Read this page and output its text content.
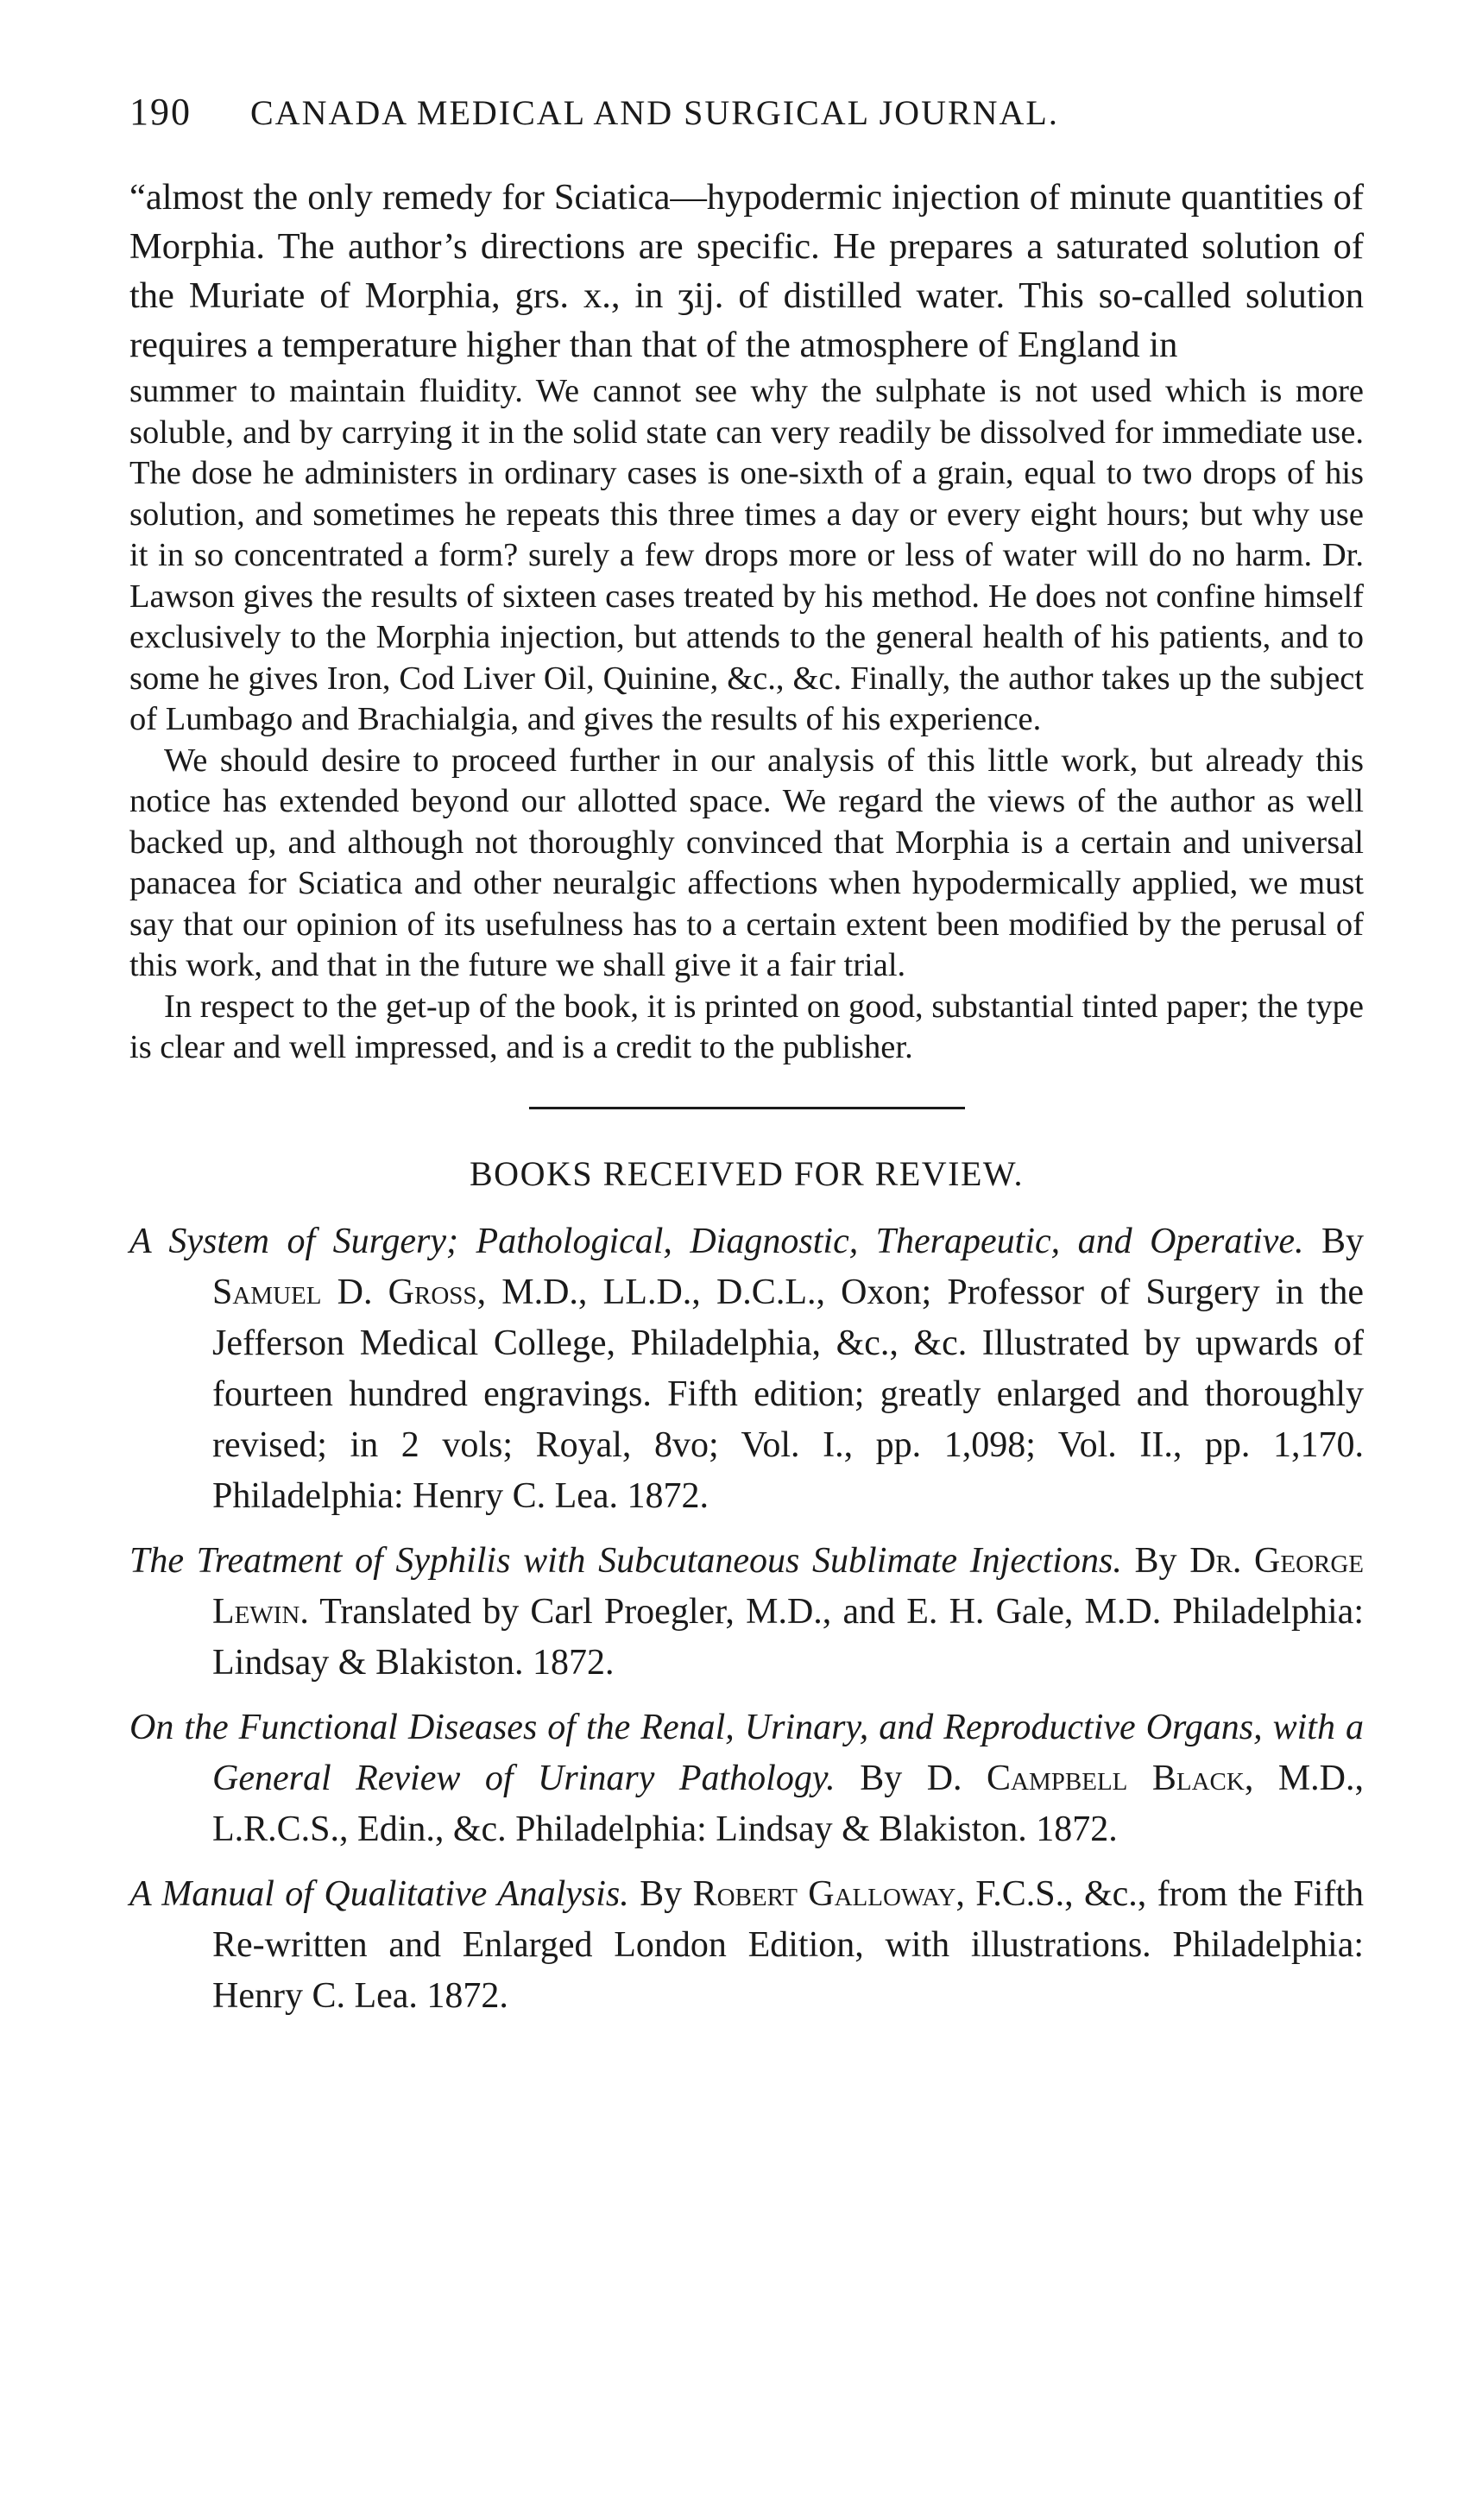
190 CANADA MEDICAL AND SURGICAL JOURNAL.

“almost the only remedy for Sciatica—hypodermic injection of minute quantities of Morphia. The author’s directions are specific. He prepares a saturated solution of the Muriate of Morphia, grs. x., in ʒij. of distilled water. This so-called solution requires a temperature higher than that of the atmosphere of England in

summer to maintain fluidity. We cannot see why the sulphate is not used which is more soluble, and by carrying it in the solid state can very readily be dissolved for immediate use. The dose he administers in ordinary cases is one-sixth of a grain, equal to two drops of his solution, and sometimes he repeats this three times a day or every eight hours; but why use it in so concentrated a form? surely a few drops more or less of water will do no harm. Dr. Lawson gives the results of sixteen cases treated by his method. He does not confine himself exclusively to the Morphia injection, but attends to the general health of his patients, and to some he gives Iron, Cod Liver Oil, Quinine, &c., &c. Finally, the author takes up the subject of Lumbago and Brachialgia, and gives the results of his experience.

We should desire to proceed further in our analysis of this little work, but already this notice has extended beyond our allotted space. We regard the views of the author as well backed up, and although not thoroughly convinced that Morphia is a certain and universal panacea for Sciatica and other neuralgic affections when hypodermically applied, we must say that our opinion of its usefulness has to a certain extent been modified by the perusal of this work, and that in the future we shall give it a fair trial.

In respect to the get-up of the book, it is printed on good, substantial tinted paper; the type is clear and well impressed, and is a credit to the publisher.

BOOKS RECEIVED FOR REVIEW.

A System of Surgery; Pathological, Diagnostic, Therapeutic, and Operative. By Samuel D. Gross, M.D., LL.D., D.C.L., Oxon; Professor of Surgery in the Jefferson Medical College, Philadelphia, &c., &c. Illustrated by upwards of fourteen hundred engravings. Fifth edition; greatly enlarged and thoroughly revised; in 2 vols; Royal, 8vo; Vol. I., pp. 1,098; Vol. II., pp. 1,170. Philadelphia: Henry C. Lea. 1872.

The Treatment of Syphilis with Subcutaneous Sublimate Injections. By Dr. George Lewin. Translated by Carl Proegler, M.D., and E. H. Gale, M.D. Philadelphia: Lindsay & Blakiston. 1872.

On the Functional Diseases of the Renal, Urinary, and Reproductive Organs, with a General Review of Urinary Pathology. By D. Campbell Black, M.D., L.R.C.S., Edin., &c. Philadelphia: Lindsay & Blakiston. 1872.

A Manual of Qualitative Analysis. By Robert Galloway, F.C.S., &c., from the Fifth Re-written and Enlarged London Edition, with illustrations. Philadelphia: Henry C. Lea. 1872.
